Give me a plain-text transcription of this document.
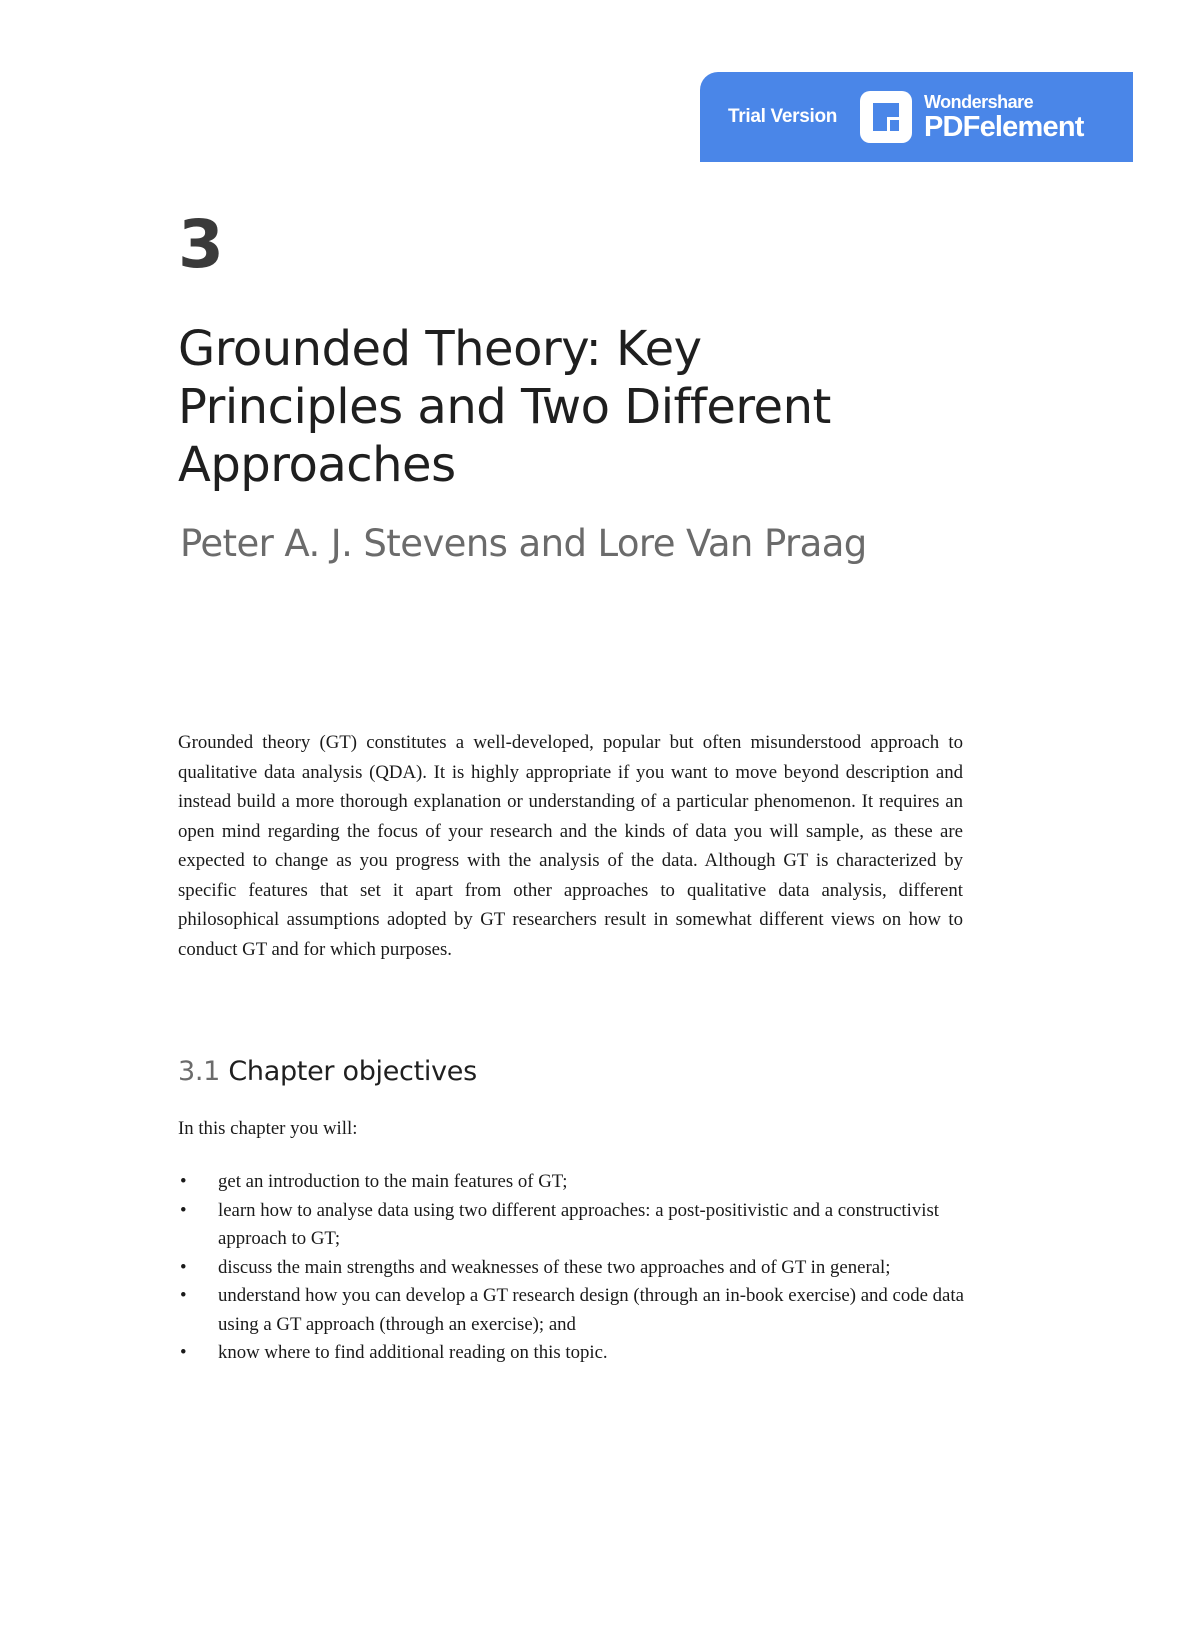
Trial Version
Wondershare
PDFelement
3
Grounded Theory: Key Principles and Two Different Approaches
Peter A. J. Stevens and Lore Van Praag

Grounded theory (GT) constitutes a well-developed, popular but often misunderstood approach to qualitative data analysis (QDA). It is highly appropriate if you want to move beyond description and instead build a more thorough explanation or understanding of a particular phenomenon. It requires an open mind regarding the focus of your research and the kinds of data you will sample, as these are expected to change as you progress with the analysis of the data. Although GT is characterized by specific features that set it apart from other approaches to qualitative data analysis, different philosophical assumptions adopted by GT researchers result in somewhat different views on how to conduct GT and for which purposes.

3.1 Chapter objectives

In this chapter you will:

• get an introduction to the main features of GT;
• learn how to analyse data using two different approaches: a post-positivistic and a constructivist approach to GT;
• discuss the main strengths and weaknesses of these two approaches and of GT in general;
• understand how you can develop a GT research design (through an in-book exercise) and code data using a GT approach (through an exercise); and
• know where to find additional reading on this topic.
